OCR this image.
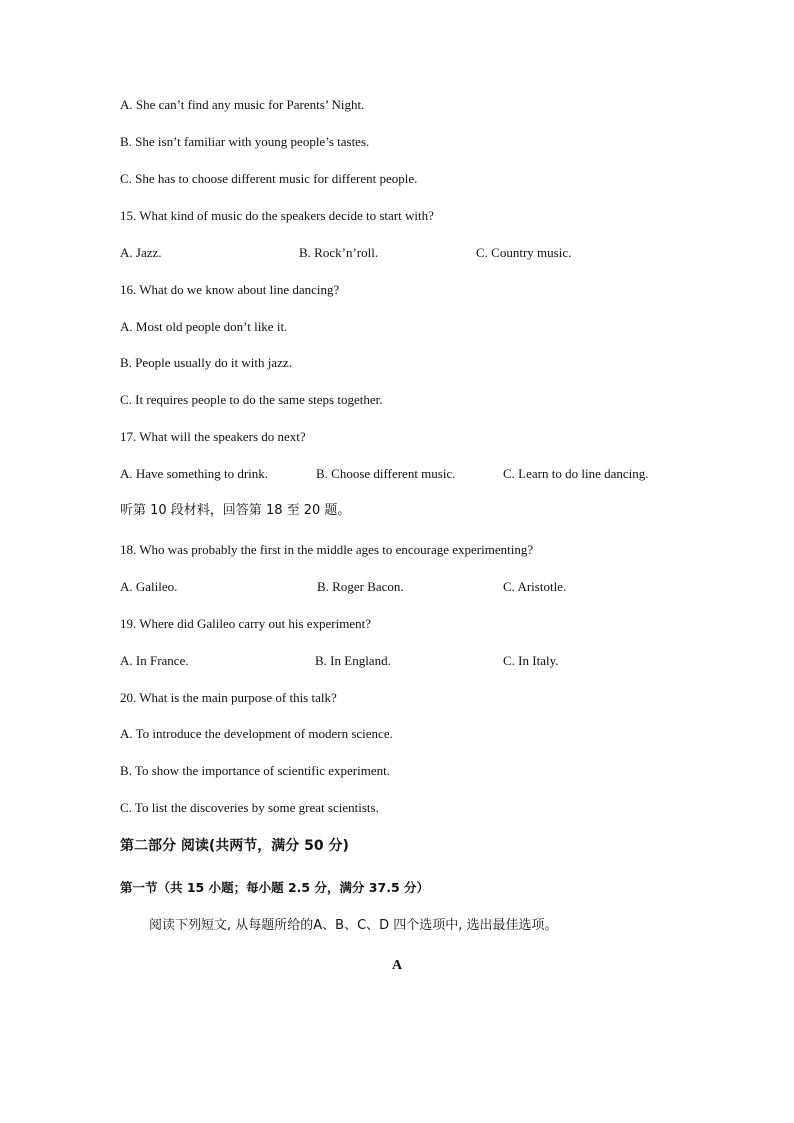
A. She can’t find any music for Parents’ Night.
B. She isn’t familiar with young people’s tastes.
C. She has to choose different music for different people.
15. What kind of music do the speakers decide to start with?
A. Jazz.	B. Rock’n’roll.	C. Country music.
16. What do we know about line dancing?
A. Most old people don’t like it.
B. People usually do it with jazz.
C. It requires people to do the same steps together.
17. What will the speakers do next?
A. Have something to drink.	B. Choose different music.	C. Learn to do line dancing.
听第 10 段材料，回答第 18 至 20 题。
18. Who was probably the first in the middle ages to encourage experimenting?
A. Galileo.	B. Roger Bacon.	C. Aristotle.
19. Where did Galileo carry out his experiment?
A. In France.	B. In England.	C. In Italy.
20. What is the main purpose of this talk?
A. To introduce the development of modern science.
B. To show the importance of scientific experiment.
C. To list the discoveries by some great scientists.
第二部分 阅读(共两节，满分 50 分)
第一节（共 15 小题；每小题 2.5 分，满分 37.5 分）
阅读下列短文, 从每题所给的A、B、C、D 四个选项中, 选出最佳选项。
A
